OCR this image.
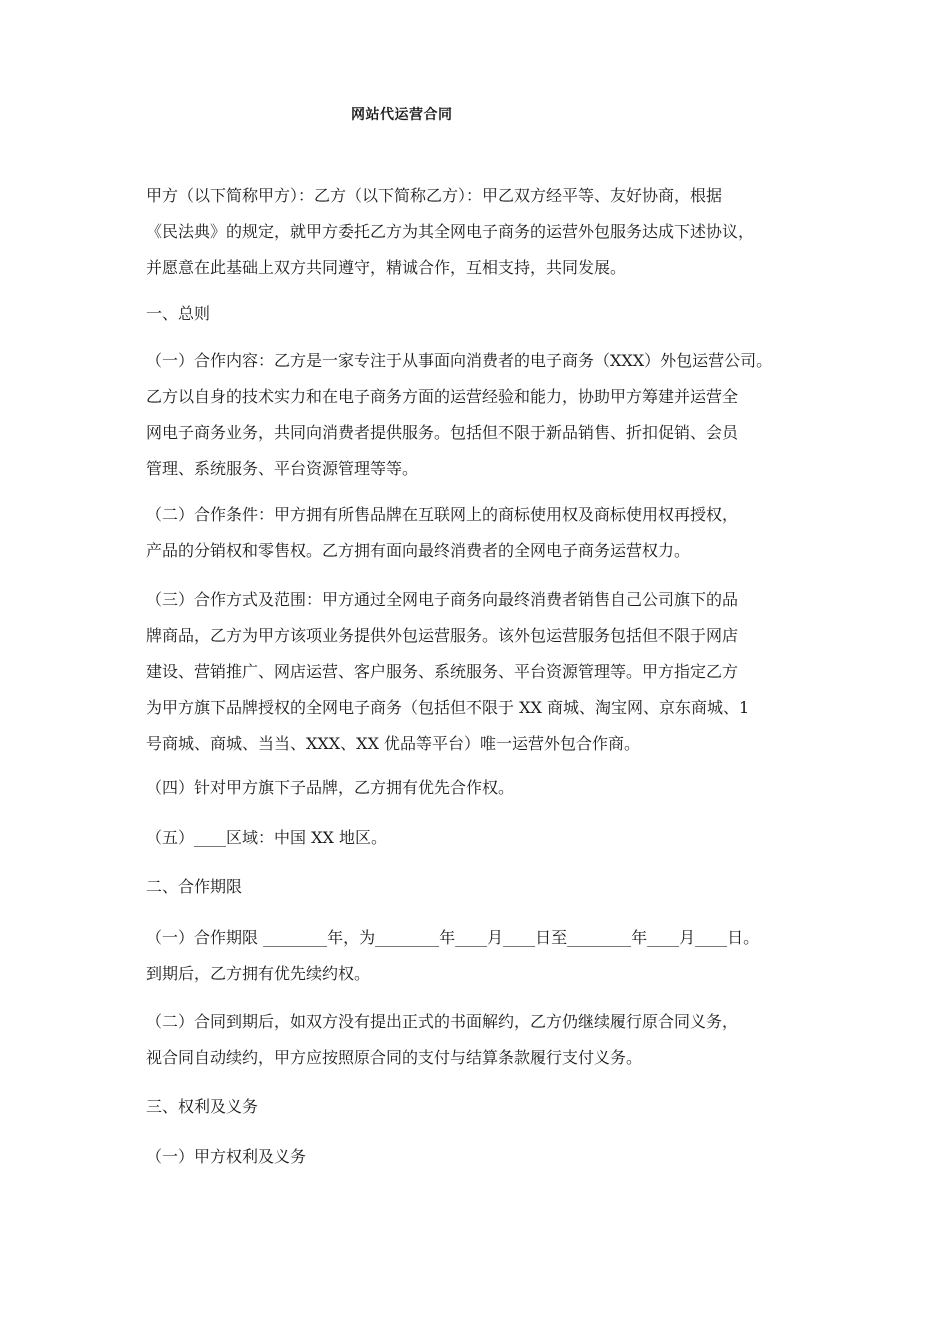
网站代运营合同

甲方（以下简称甲方）：乙方（以下简称乙方）：甲乙双方经平等、友好协商，根据
《民法典》的规定，就甲方委托乙方为其全网电子商务的运营外包服务达成下述协议，
并愿意在此基础上双方共同遵守，精诚合作，互相支持，共同发展。

一、总则

（一）合作内容：乙方是一家专注于从事面向消费者的电子商务（XXX）外包运营公司。
乙方以自身的技术实力和在电子商务方面的运营经验和能力，协助甲方筹建并运营全
网电子商务业务，共同向消费者提供服务。包括但不限于新品销售、折扣促销、会员
管理、系统服务、平台资源管理等等。

（二）合作条件：甲方拥有所售品牌在互联网上的商标使用权及商标使用权再授权，
产品的分销权和零售权。乙方拥有面向最终消费者的全网电子商务运营权力。

（三）合作方式及范围：甲方通过全网电子商务向最终消费者销售自己公司旗下的品
牌商品，乙方为甲方该项业务提供外包运营服务。该外包运营服务包括但不限于网店
建设、营销推广、网店运营、客户服务、系统服务、平台资源管理等。甲方指定乙方
为甲方旗下品牌授权的全网电子商务（包括但不限于 XX 商城、淘宝网、京东商城、1
号商城、商城、当当、XXX、XX 优品等平台）唯一运营外包合作商。

（四）针对甲方旗下子品牌，乙方拥有优先合作权。

（五）____区域：中国 XX 地区。

二、合作期限

（一）合作期限 ________年，为________年____月____日至________年____月____日。
到期后，乙方拥有优先续约权。

（二）合同到期后，如双方没有提出正式的书面解约，乙方仍继续履行原合同义务，
视合同自动续约，甲方应按照原合同的支付与结算条款履行支付义务。

三、权利及义务

（一）甲方权利及义务
